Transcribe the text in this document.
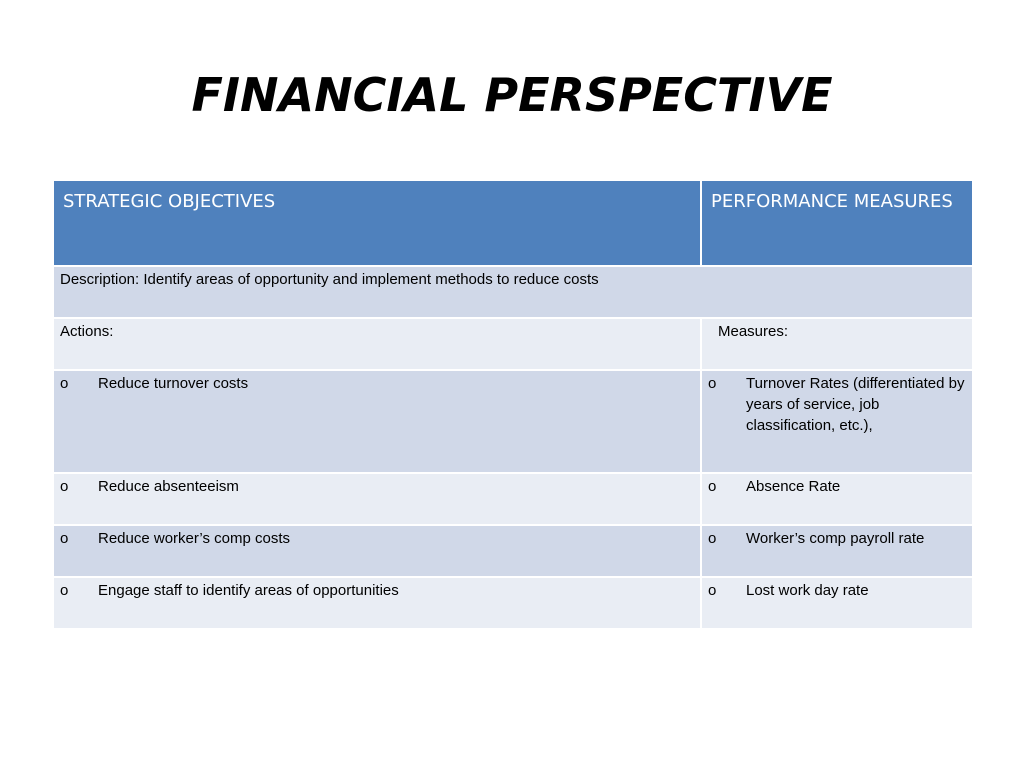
FINANCIAL PERSPECTIVE
STRATEGIC OBJECTIVES	PERFORMANCE MEASURES
Description: Identify areas of opportunity and implement methods to reduce costs	
Actions:	Measures:

o Reduce turnover costs	o Turnover Rates (differentiated by years of service, job classification, etc.),

o Reduce absenteeism	o Absence Rate

o Reduce worker’s comp costs	o Worker’s comp payroll rate

o Engage staff to identify areas of opportunities	o Lost work day rate
